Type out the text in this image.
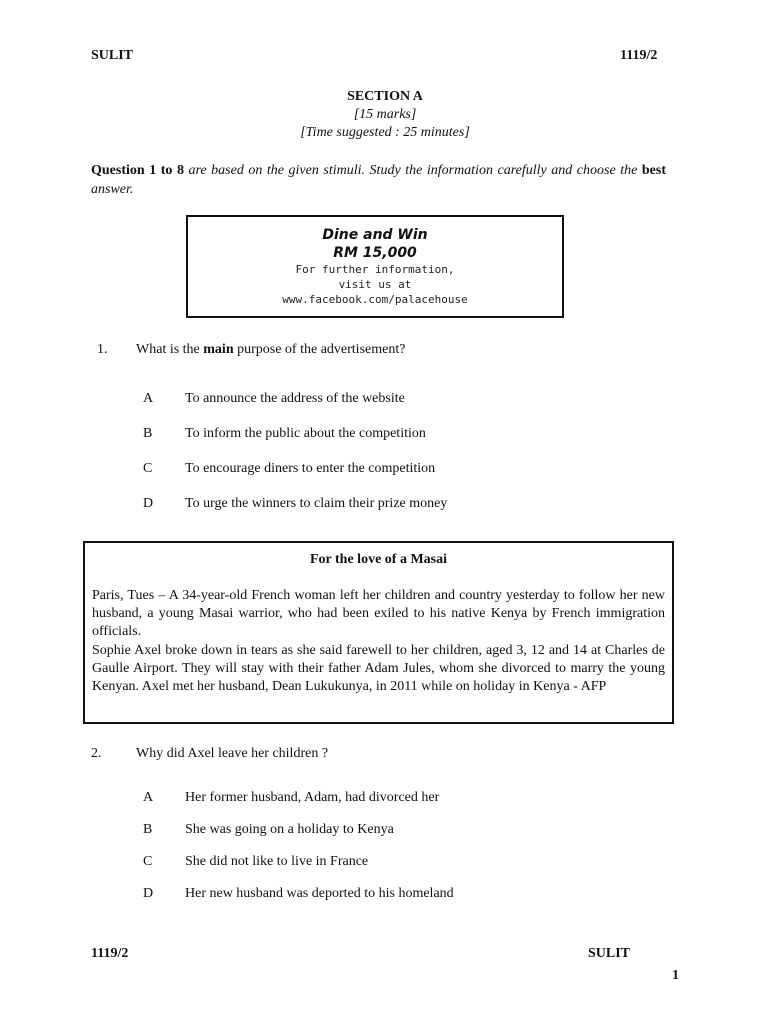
SULIT	1119/2
SECTION A
[15 marks]
[Time suggested : 25 minutes]
Question 1 to 8 are based on the given stimuli. Study the information carefully and choose the best answer.
Dine and Win
RM 15,000
For further information,
visit us at
www.facebook.com/palacehouse
1. What is the main purpose of the advertisement?
A To announce the address of the website
B To inform the public about the competition
C To encourage diners to enter the competition
D To urge the winners to claim their prize money
For the love of a Masai

Paris, Tues – A 34-year-old French woman left her children and country yesterday to follow her new husband, a young Masai warrior, who had been exiled to his native Kenya by French immigration officials.

Sophie Axel broke down in tears as she said farewell to her children, aged 3, 12 and 14 at Charles de Gaulle Airport. They will stay with their father Adam Jules, whom she divorced to marry the young Kenyan. Axel met her husband, Dean Lukukunya, in 2011 while on holiday in Kenya - AFP

2. Why did Axel leave her children ?
A Her former husband, Adam, had divorced her
B She was going on a holiday to Kenya
C She did not like to live in France
D Her new husband was deported to his homeland
1119/2	SULIT
1
